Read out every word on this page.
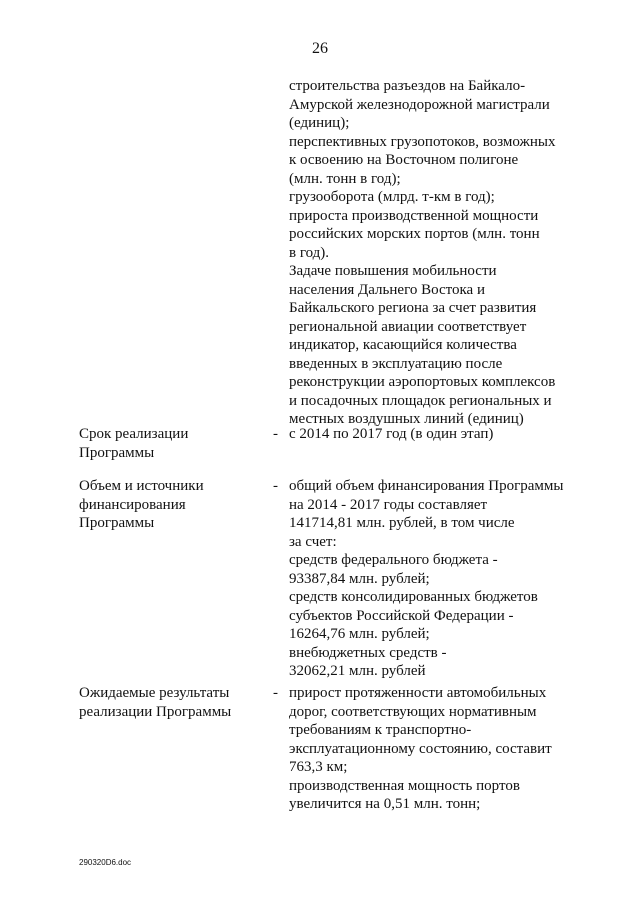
26
строительства разъездов на Байкало-
Амурской железнодорожной магистрали
(единиц);
перспективных грузопотоков, возможных
к освоению на Восточном полигоне
(млн. тонн в год);
грузооборота (млрд. т-км в год);
прироста производственной мощности
российских морских портов (млн. тонн
в год).
Задаче повышения мобильности
населения Дальнего Востока и
Байкальского региона за счет развития
региональной авиации соответствует
индикатор, касающийся количества
введенных в эксплуатацию после
реконструкции аэропортовых комплексов
и посадочных площадок региональных и
местных воздушных линий (единиц)
Срок реализации
Программы
- с 2014 по 2017 год (в один этап)
Объем и источники
финансирования
Программы
- общий объем финансирования Программы
на 2014 - 2017 годы составляет
141714,81 млн. рублей, в том числе
за счет:
средств федерального бюджета -
93387,84 млн. рублей;
средств консолидированных бюджетов
субъектов Российской Федерации -
16264,76 млн. рублей;
внебюджетных средств -
32062,21 млн. рублей
Ожидаемые результаты
реализации Программы
- прирост протяженности автомобильных
дорог, соответствующих нормативным
требованиям к транспортно-
эксплуатационному состоянию, составит
763,3 км;
производственная мощность портов
увеличится на 0,51 млн. тонн;
290320D6.doc
